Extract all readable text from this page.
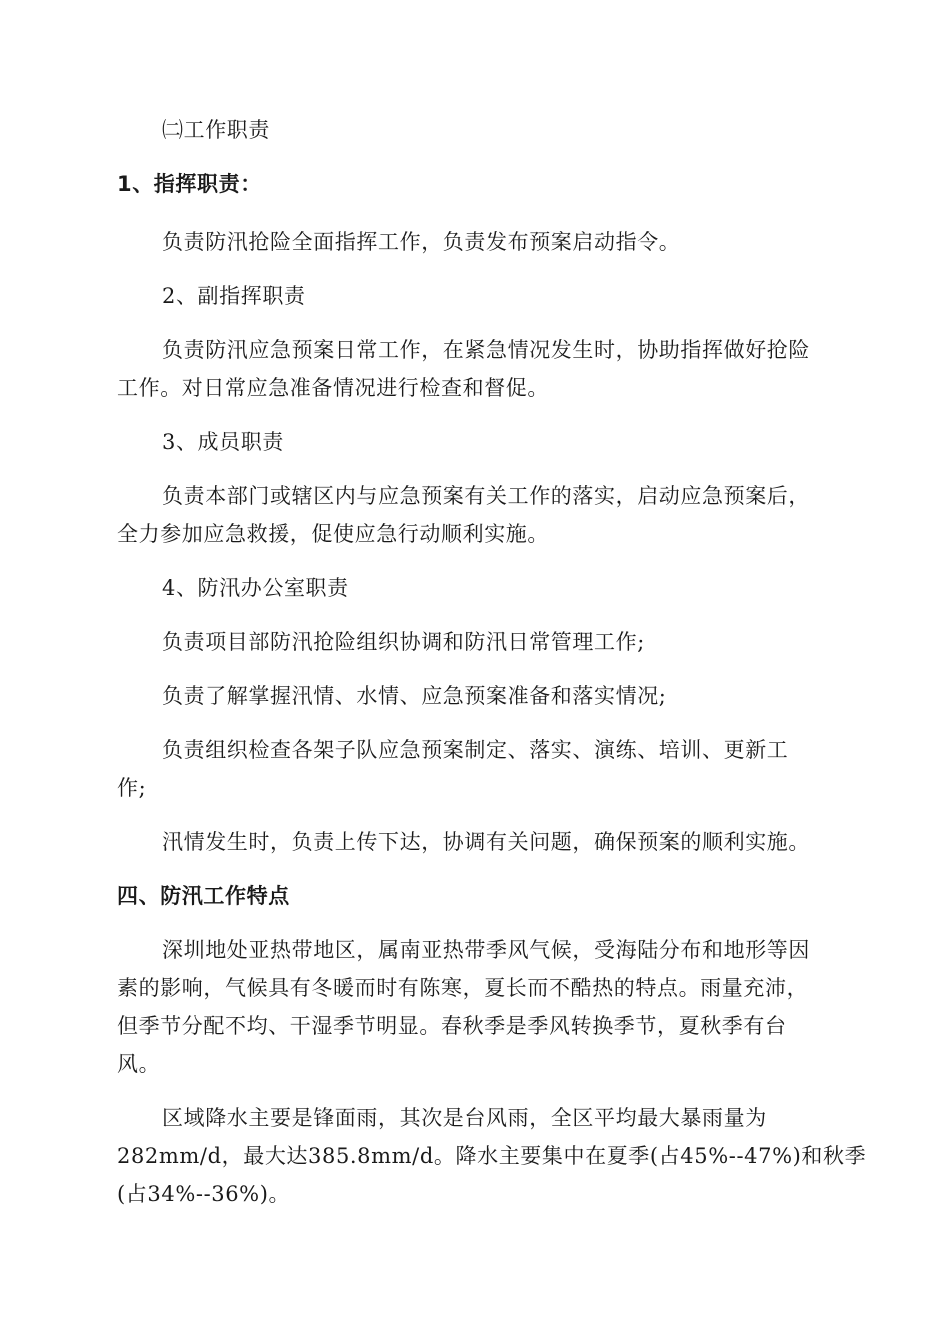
㈡工作职责
1、指挥职责：
负责防汛抢险全面指挥工作，负责发布预案启动指令。
2、副指挥职责
负责防汛应急预案日常工作，在紧急情况发生时，协助指挥做好抢险
工作。对日常应急准备情况进行检查和督促。
3、成员职责
负责本部门或辖区内与应急预案有关工作的落实，启动应急预案后，
全力参加应急救援，促使应急行动顺利实施。
4、防汛办公室职责
负责项目部防汛抢险组织协调和防汛日常管理工作;
负责了解掌握汛情、水情、应急预案准备和落实情况;
负责组织检查各架子队应急预案制定、落实、演练、培训、更新工
作;
汛情发生时，负责上传下达，协调有关问题，确保预案的顺利实施。
四、防汛工作特点
深圳地处亚热带地区，属南亚热带季风气候，受海陆分布和地形等因
素的影响，气候具有冬暖而时有陈寒，夏长而不酷热的特点。雨量充沛，
但季节分配不均、干湿季节明显。春秋季是季风转换季节，夏秋季有台
风。
区域降水主要是锋面雨，其次是台风雨，全区平均最大暴雨量为
282mm/d，最大达385.8mm/d。降水主要集中在夏季(占45%--47%)和秋季
(占34%--36%)。
